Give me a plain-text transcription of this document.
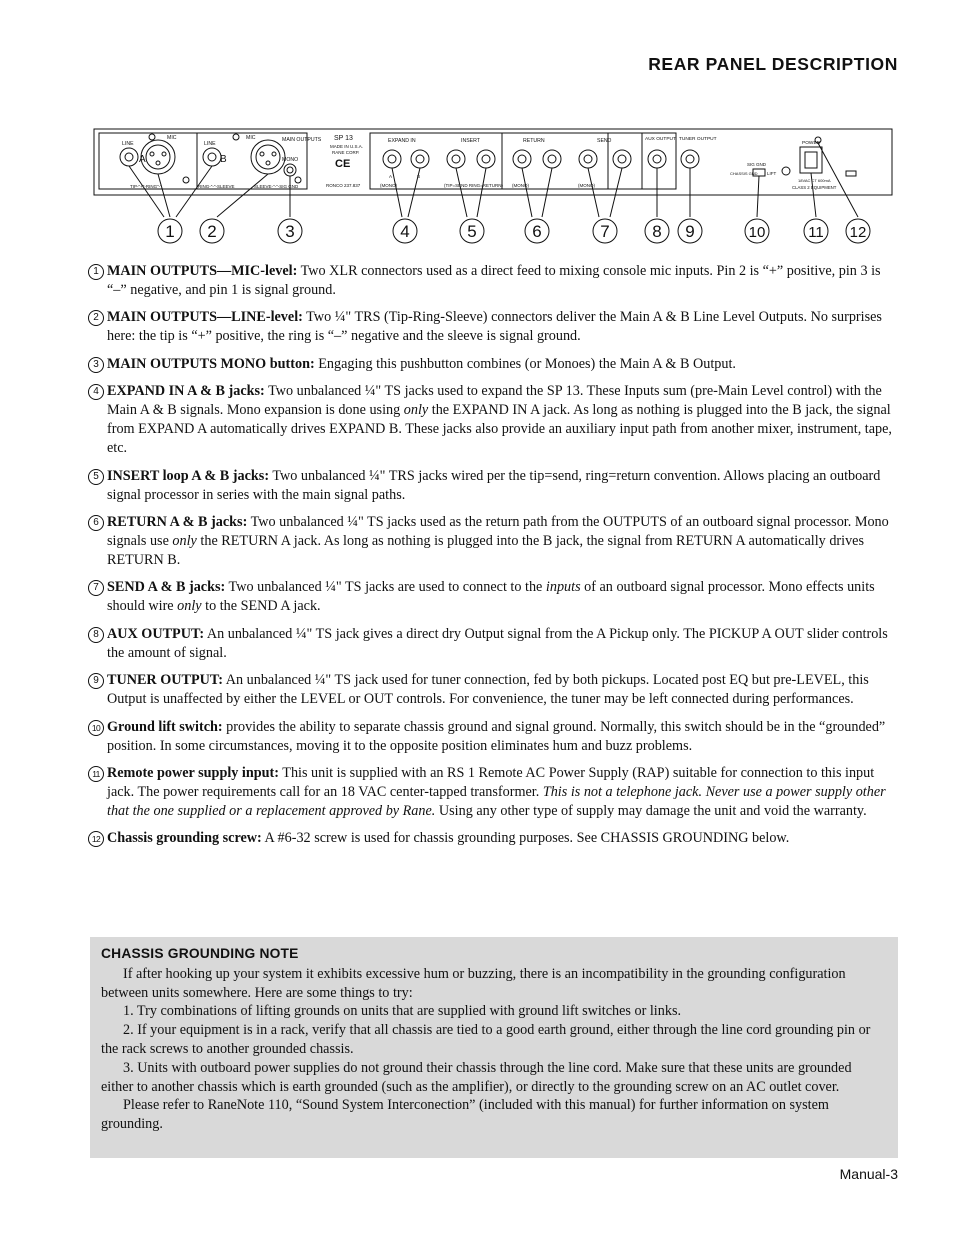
REAR PANEL DESCRIPTION
LINE
MIC
A
LINE
MIC
B
MAIN OUTPUTS
MONO
TIP-"+"-RING"-"	RING-"-"-SLEEVE	SLEEVE-"-"-SIG GND
SP 13
MADE IN U.S.A.
RANE CORP.
CE
RONCO 237.837
EXPAND IN	INSERT	RETURN	SEND	AUX OUTPUT TUNER OUTPUT
A	B
(MONO)	(TIP=SEND RING=RETURN) (MONO)	(MONO)
SIG GND
CHASSIS GND LIFT
POWER
18VAC CT 600mA
CLASS 2 EQUIPMENT
1 2	3	4	5	6	7	8 9	10	11 12
1 MAIN OUTPUTS—MIC-level: Two XLR connectors used as a direct feed to mixing console mic inputs. Pin 2 is “+” positive, pin 3 is “–” negative, and pin 1 is signal ground.
2 MAIN OUTPUTS—LINE-level: Two ¼" TRS (Tip-Ring-Sleeve) connectors deliver the Main A & B Line Level Outputs. No surprises here: the tip is “+” positive, the ring is “–” negative and the sleeve is signal ground.
3 MAIN OUTPUTS MONO button: Engaging this pushbutton combines (or Monoes) the Main A & B Output.
4 EXPAND IN A & B jacks: Two unbalanced ¼" TS jacks used to expand the SP 13. These Inputs sum (pre-Main Level control) with the Main A & B signals. Mono expansion is done using only the EXPAND IN A jack. As long as nothing is plugged into the B jack, the signal from EXPAND A automatically drives EXPAND B. These jacks also provide an auxiliary input path from another mixer, instrument, tape, etc.
5 INSERT loop A & B jacks: Two unbalanced ¼" TRS jacks wired per the tip=send, ring=return convention. Allows placing an outboard signal processor in series with the main signal paths.
6 RETURN A & B jacks: Two unbalanced ¼" TS jacks used as the return path from the OUTPUTS of an outboard signal processor. Mono signals use only the RETURN A jack. As long as nothing is plugged into the B jack, the signal from RETURN A automatically drives RETURN B.
7 SEND A & B jacks: Two unbalanced ¼" TS jacks are used to connect to the inputs of an outboard signal processor. Mono effects units should wire only to the SEND A jack.
8 AUX OUTPUT: An unbalanced ¼" TS jack gives a direct dry Output signal from the A Pickup only. The PICKUP A OUT slider controls the amount of signal.
9 TUNER OUTPUT: An unbalanced ¼" TS jack used for tuner connection, fed by both pickups. Located post EQ but pre-LEVEL, this Output is unaffected by either the LEVEL or OUT controls. For convenience, the tuner may be left connected during performances.
10 Ground lift switch: provides the ability to separate chassis ground and signal ground. Normally, this switch should be in the “grounded” position. In some circumstances, moving it to the opposite position eliminates hum and buzz problems.
11 Remote power supply input: This unit is supplied with an RS 1 Remote AC Power Supply (RAP) suitable for connection to this input jack. The power requirements call for an 18 VAC center-tapped transformer. This is not a telephone jack. Never use a power supply other that the one supplied or a replacement approved by Rane. Using any other type of supply may damage the unit and void the warranty.
12 Chassis grounding screw: A #6-32 screw is used for chassis grounding purposes. See CHASSIS GROUNDING below.
CHASSIS GROUNDING NOTE

If after hooking up your system it exhibits excessive hum or buzzing, there is an incompatibility in the grounding configuration between units somewhere. Here are some things to try:

1. Try combinations of lifting grounds on units that are supplied with ground lift switches or links.

2. If your equipment is in a rack, verify that all chassis are tied to a good earth ground, either through the line cord grounding pin or the rack screws to another grounded chassis.

3. Units with outboard power supplies do not ground their chassis through the line cord. Make sure that these units are grounded either to another chassis which is earth grounded (such as the amplifier), or directly to the grounding screw on an AC outlet cover.

Please refer to RaneNote 110, “Sound System Interconection” (included with this manual) for further information on system grounding.

Manual-3
